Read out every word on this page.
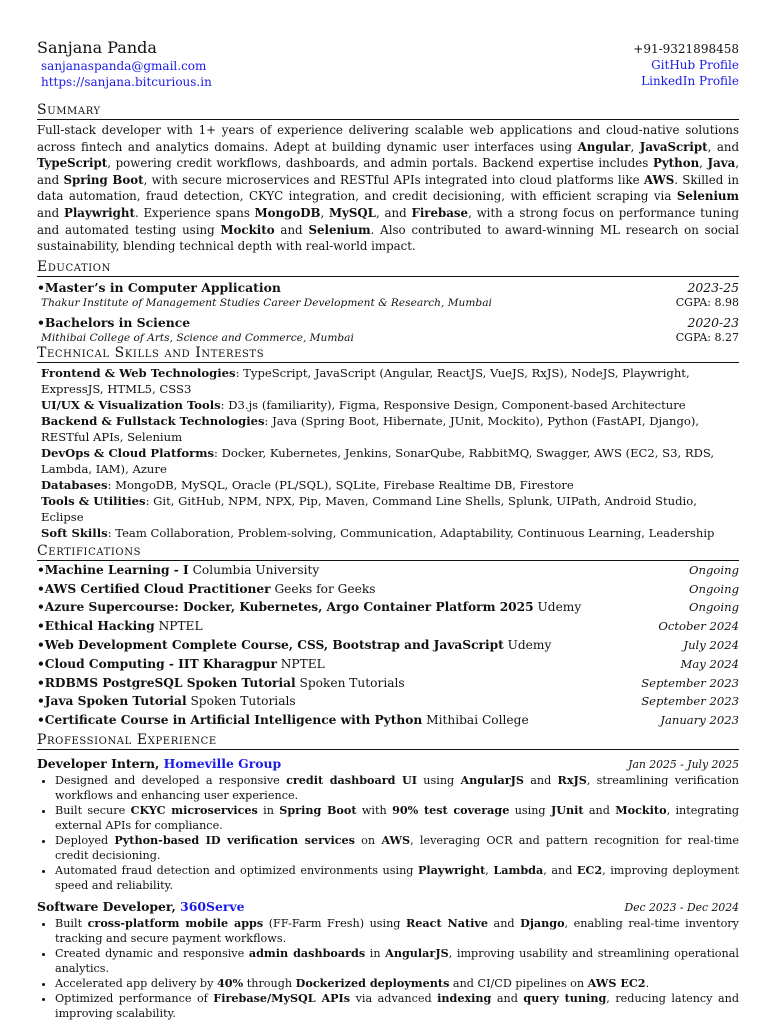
Sanjana Panda
sanjanaspanda@gmail.com
https://sanjana.bitcurious.in
+91-9321898458
GitHub Profile
LinkedIn Profile
Summary
Full-stack developer with 1+ years of experience delivering scalable web applications and cloud-native solutions across fintech and analytics domains. Adept at building dynamic user interfaces using Angular, JavaScript, and TypeScript, powering credit workflows, dashboards, and admin portals. Backend expertise includes Python, Java, and Spring Boot, with secure microservices and RESTful APIs integrated into cloud platforms like AWS. Skilled in data automation, fraud detection, CKYC integration, and credit decisioning, with efficient scraping via Selenium and Playwright. Experience spans MongoDB, MySQL, and Firebase, with a strong focus on performance tuning and automated testing using Mockito and Selenium. Also contributed to award-winning ML research on social sustainability, blending technical depth with real-world impact.
Education
•Master’s in Computer Application	2023-25
Thakur Institute of Management Studies Career Development & Research, Mumbai	CGPA: 8.98
•Bachelors in Science	2020-23
Mithibai College of Arts, Science and Commerce, Mumbai	CGPA: 8.27
Technical Skills and Interests
Frontend & Web Technologies: TypeScript, JavaScript (Angular, ReactJS, VueJS, RxJS), NodeJS, Playwright, ExpressJS, HTML5, CSS3
UI/UX & Visualization Tools: D3.js (familiarity), Figma, Responsive Design, Component-based Architecture
Backend & Fullstack Technologies: Java (Spring Boot, Hibernate, JUnit, Mockito), Python (FastAPI, Django), RESTful APIs, Selenium
DevOps & Cloud Platforms: Docker, Kubernetes, Jenkins, SonarQube, RabbitMQ, Swagger, AWS (EC2, S3, RDS, Lambda, IAM), Azure
Databases: MongoDB, MySQL, Oracle (PL/SQL), SQLite, Firebase Realtime DB, Firestore
Tools & Utilities: Git, GitHub, NPM, NPX, Pip, Maven, Command Line Shells, Splunk, UIPath, Android Studio, Eclipse
Soft Skills: Team Collaboration, Problem-solving, Communication, Adaptability, Continuous Learning, Leadership
Certifications
•Machine Learning - I Columbia University	Ongoing
•AWS Certified Cloud Practitioner Geeks for Geeks	Ongoing
•Azure Supercourse: Docker, Kubernetes, Argo Container Platform 2025 Udemy	Ongoing
•Ethical Hacking NPTEL	October 2024
•Web Development Complete Course, CSS, Bootstrap and JavaScript Udemy	July 2024
•Cloud Computing - IIT Kharagpur NPTEL	May 2024
•RDBMS PostgreSQL Spoken Tutorial Spoken Tutorials	September 2023
•Java Spoken Tutorial Spoken Tutorials	September 2023
•Certificate Course in Artificial Intelligence with Python Mithibai College	January 2023
Professional Experience
Developer Intern, Homeville Group	Jan 2025 - July 2025
• Designed and developed a responsive credit dashboard UI using AngularJS and RxJS, streamlining verification workflows and enhancing user experience.
• Built secure CKYC microservices in Spring Boot with 90% test coverage using JUnit and Mockito, integrating external APIs for compliance.
• Deployed Python-based ID verification services on AWS, leveraging OCR and pattern recognition for real-time credit decisioning.
• Automated fraud detection and optimized environments using Playwright, Lambda, and EC2, improving deployment speed and reliability.
Software Developer, 360Serve	Dec 2023 - Dec 2024
• Built cross-platform mobile apps (FF-Farm Fresh) using React Native and Django, enabling real-time inventory tracking and secure payment workflows.
• Created dynamic and responsive admin dashboards in AngularJS, improving usability and streamlining operational analytics.
• Accelerated app delivery by 40% through Dockerized deployments and CI/CD pipelines on AWS EC2.
• Optimized performance of Firebase/MySQL APIs via advanced indexing and query tuning, reducing latency and improving scalability.
